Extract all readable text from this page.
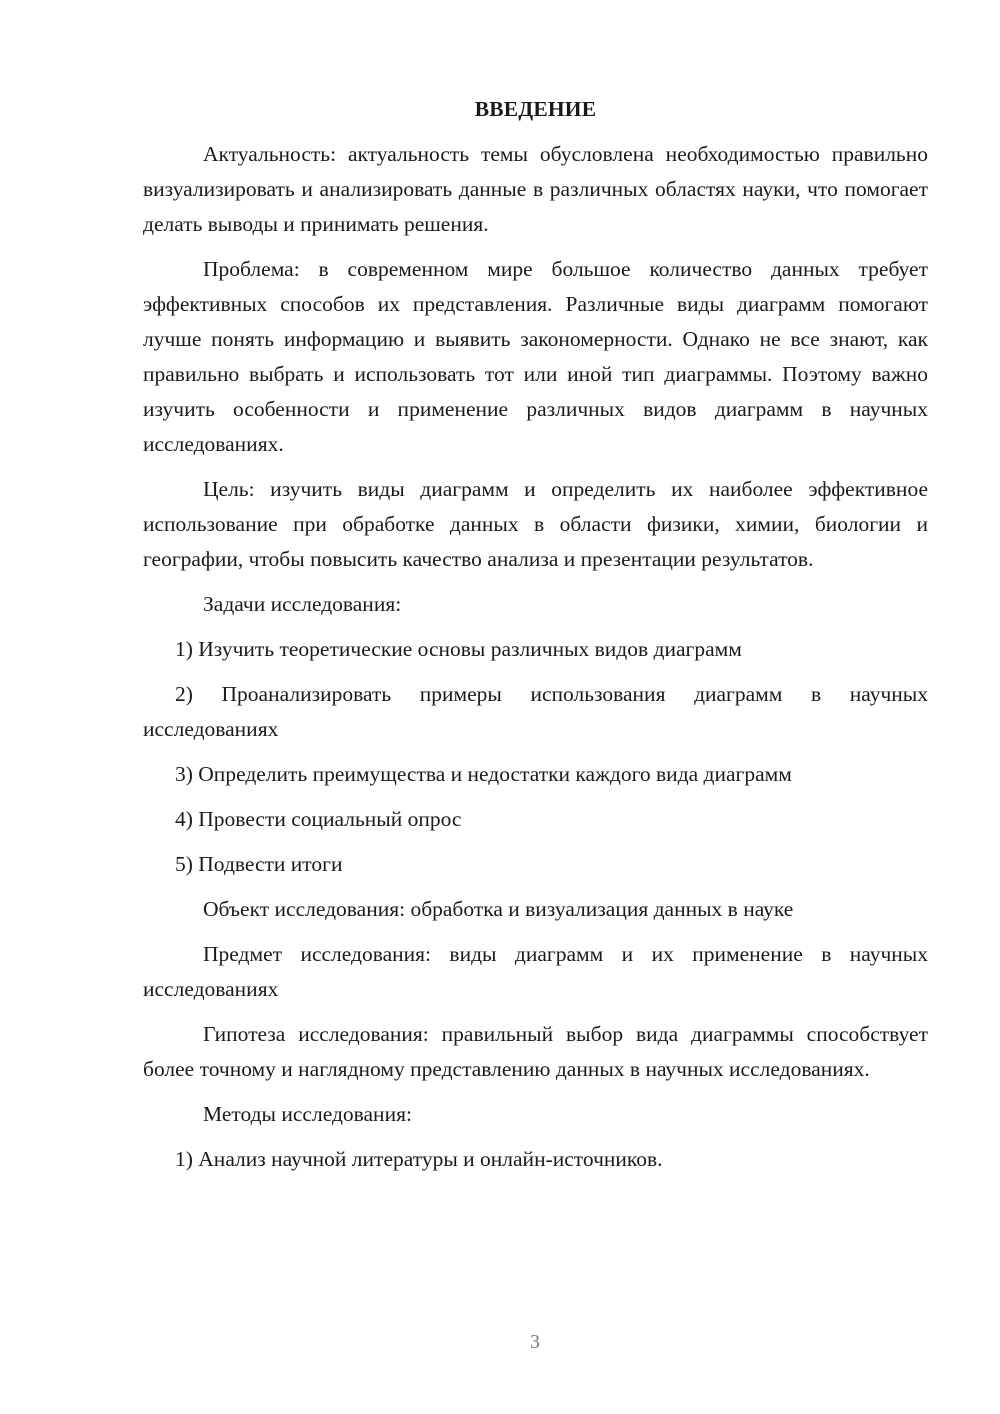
ВВЕДЕНИЕ

Актуальность: актуальность темы обусловлена необходимостью правильно визуализировать и анализировать данные в различных областях науки, что помогает делать выводы и принимать решения.

Проблема: в современном мире большое количество данных требует эффективных способов их представления. Различные виды диаграмм помогают лучше понять информацию и выявить закономерности. Однако не все знают, как правильно выбрать и использовать тот или иной тип диаграммы. Поэтому важно изучить особенности и применение различных видов диаграмм в научных исследованиях.

Цель: изучить виды диаграмм и определить их наиболее эффективное использование при обработке данных в области физики, химии, биологии и географии, чтобы повысить качество анализа и презентации результатов.

Задачи исследования:

1) Изучить теоретические основы различных видов диаграмм

2) Проанализировать примеры использования диаграмм в научных исследованиях

3) Определить преимущества и недостатки каждого вида диаграмм

4) Провести социальный опрос

5) Подвести итоги

Объект исследования: обработка и визуализация данных в науке

Предмет исследования: виды диаграмм и их применение в научных исследованиях

Гипотеза исследования: правильный выбор вида диаграммы способствует более точному и наглядному представлению данных в научных исследованиях.

Методы исследования:

1) Анализ научной литературы и онлайн-источников.

3
